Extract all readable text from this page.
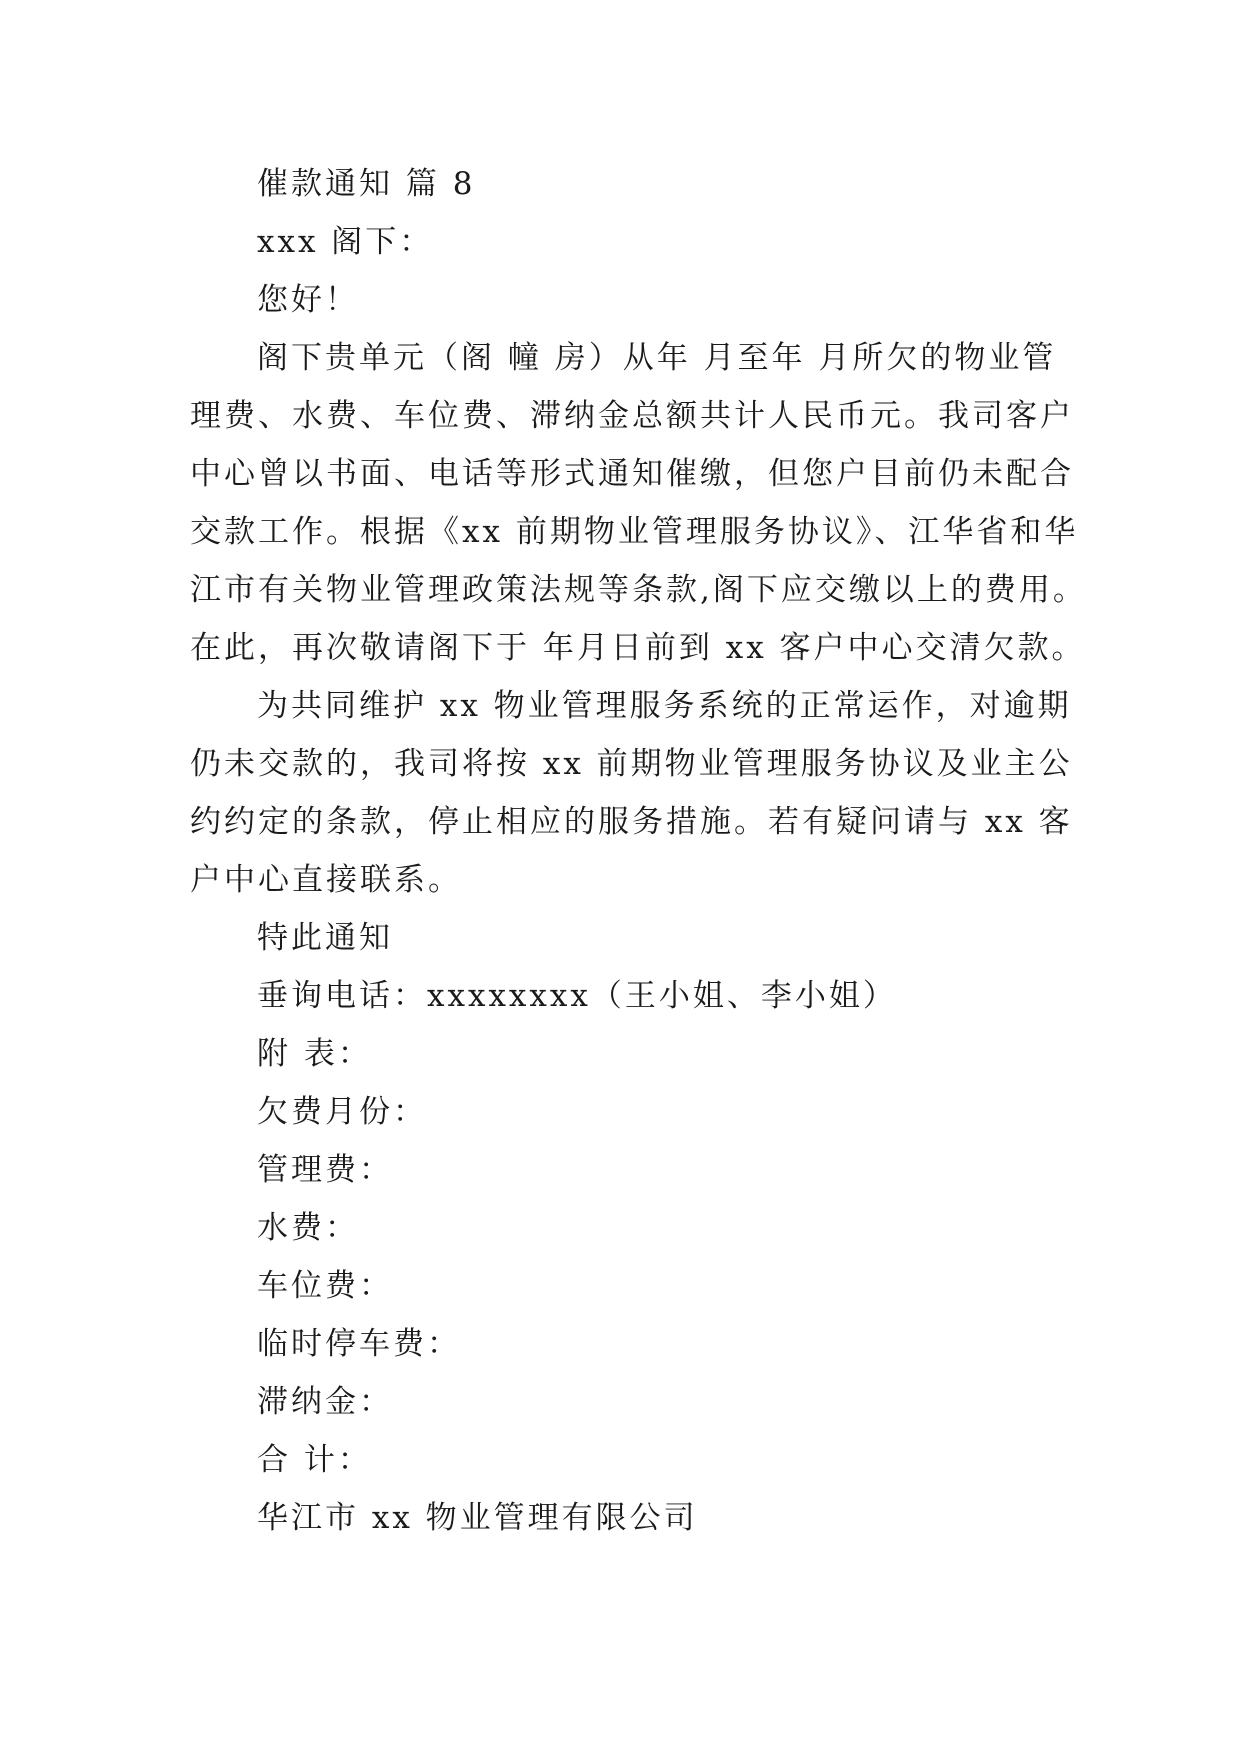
催款通知 篇 8

xxx 阁下：

您好！

阁下贵单元（阁 幢 房）从年 月至年 月所欠的物业管

理费、水费、车位费、滞纳金总额共计人民币元。我司客户

中心曾以书面、电话等形式通知催缴，但您户目前仍未配合

交款工作。根据《xx 前期物业管理服务协议》、江华省和华

江市有关物业管理政策法规等条款,阁下应交缴以上的费用。

在此，再次敬请阁下于 年月日前到 xx 客户中心交清欠款。

为共同维护 xx 物业管理服务系统的正常运作，对逾期

仍未交款的，我司将按 xx 前期物业管理服务协议及业主公

约约定的条款，停止相应的服务措施。若有疑问请与 xx 客

户中心直接联系。

特此通知

垂询电话：xxxxxxxx（王小姐、李小姐）

附 表：

欠费月份：

管理费：

水费：

车位费：

临时停车费：

滞纳金：

合 计：

华江市 xx 物业管理有限公司
